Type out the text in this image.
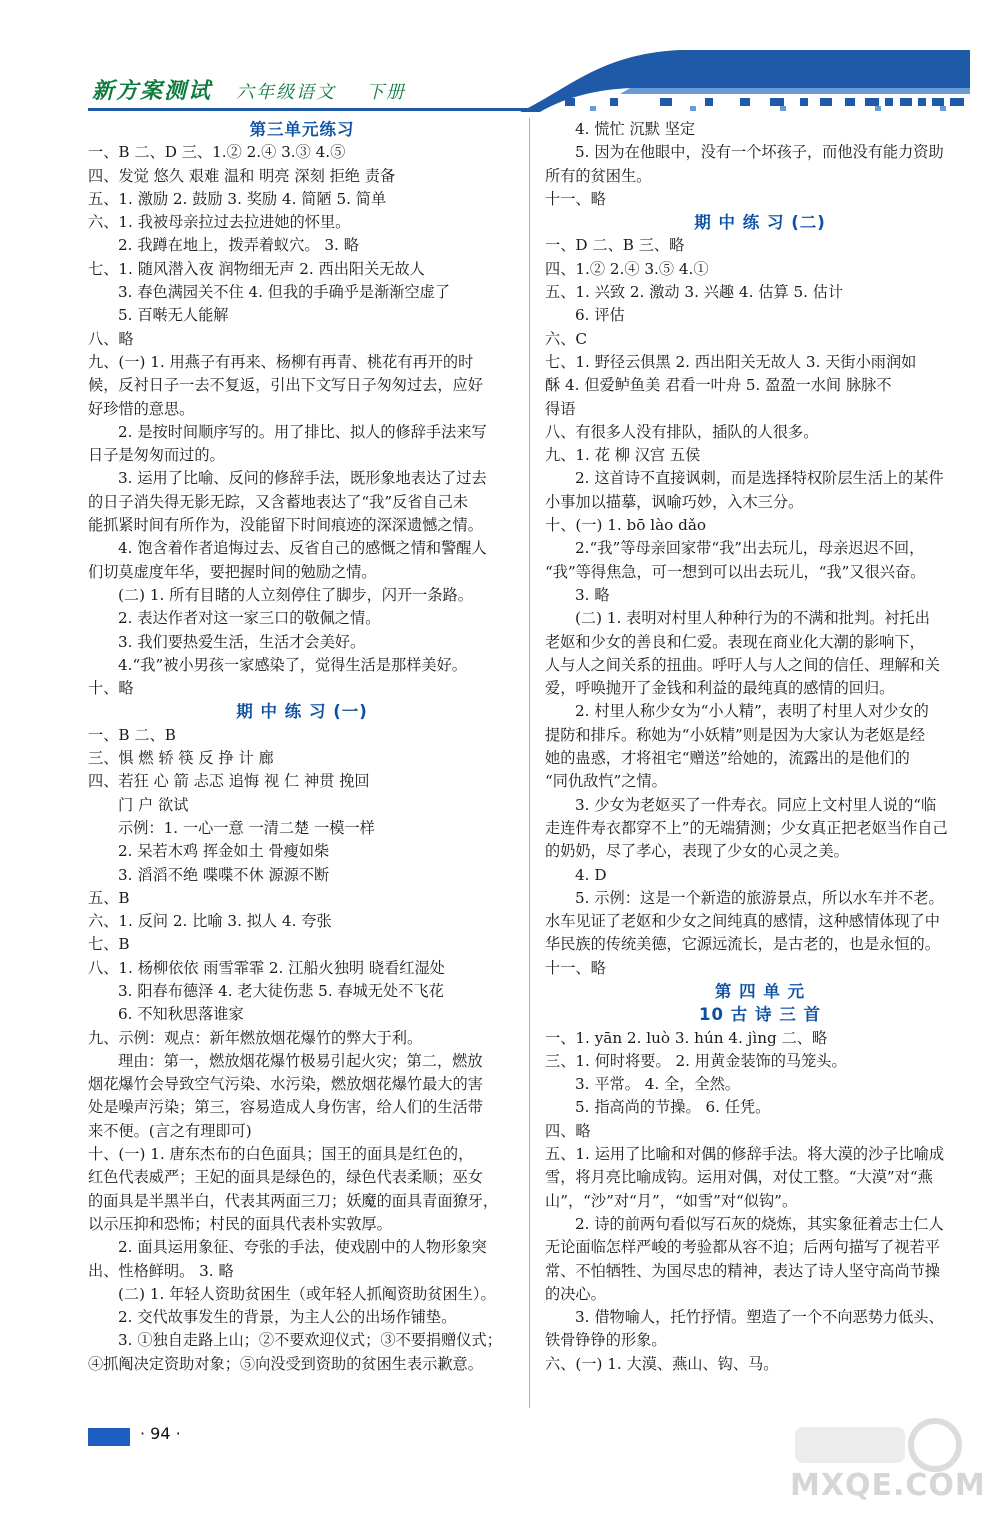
新方案测试 六年级语文 下册
第三单元练习
一、B 二、D 三、1.② 2.④ 3.③ 4.⑤
四、发觉 悠久 艰难 温和 明亮 深刻 拒绝 责备
五、1. 激励 2. 鼓励 3. 奖励 4. 简陋 5. 简单
六、1. 我被母亲拉过去拉进她的怀里。
2. 我蹲在地上，拨弄着蚁穴。 3. 略
七、1. 随风潜入夜 润物细无声 2. 西出阳关无故人
3. 春色满园关不住 4. 但我的手确乎是渐渐空虚了
5. 百啭无人能解
八、略
九、(一) 1. 用燕子有再来、杨柳有再青、桃花有再开的时
候，反衬日子一去不复返，引出下文写日子匆匆过去，应好
好珍惜的意思。
2. 是按时间顺序写的。用了排比、拟人的修辞手法来写
日子是匆匆而过的。
3. 运用了比喻、反问的修辞手法，既形象地表达了过去
的日子消失得无影无踪，又含蓄地表达了“我”反省自己未
能抓紧时间有所作为，没能留下时间痕迹的深深遗憾之情。
4. 饱含着作者追悔过去、反省自己的感慨之情和警醒人
们切莫虚度年华，要把握时间的勉励之情。
(二) 1. 所有目睹的人立刻停住了脚步，闪开一条路。
2. 表达作者对这一家三口的敬佩之情。
3. 我们要热爱生活，生活才会美好。
4.“我”被小男孩一家感染了，觉得生活是那样美好。
十、略
期 中 练 习 (一)
一、B 二、B
三、惧 燃 轿 筷 反 挣 计 廊
四、若狂 心 箭 忐忑 追悔 视 仁 神贯 挽回
门 户 欲试
示例：1. 一心一意 一清二楚 一模一样
2. 呆若木鸡 挥金如土 骨瘦如柴
3. 滔滔不绝 喋喋不休 源源不断
五、B
六、1. 反问 2. 比喻 3. 拟人 4. 夸张
七、B
八、1. 杨柳依依 雨雪霏霏 2. 江船火独明 晓看红湿处
3. 阳春布德泽 4. 老大徒伤悲 5. 春城无处不飞花
6. 不知秋思落谁家
九、示例：观点：新年燃放烟花爆竹的弊大于利。
理由：第一，燃放烟花爆竹极易引起火灾；第二，燃放
烟花爆竹会导致空气污染、水污染，燃放烟花爆竹最大的害
处是噪声污染；第三，容易造成人身伤害，给人们的生活带
来不便。(言之有理即可)
十、(一) 1. 唐东杰布的白色面具；国王的面具是红色的，
红色代表威严；王妃的面具是绿色的，绿色代表柔顺；巫女
的面具是半黑半白，代表其两面三刀；妖魔的面具青面獠牙，
以示压抑和恐怖；村民的面具代表朴实敦厚。
2. 面具运用象征、夸张的手法，使戏剧中的人物形象突
出、性格鲜明。 3. 略
(二) 1. 年轻人资助贫困生（或年轻人抓阄资助贫困生）。
2. 交代故事发生的背景，为主人公的出场作铺垫。
3. ①独自走路上山；②不要欢迎仪式；③不要捐赠仪式；
④抓阄决定资助对象；⑤向没受到资助的贫困生表示歉意。
4. 慌忙 沉默 坚定
5. 因为在他眼中，没有一个坏孩子，而他没有能力资助
所有的贫困生。
十一、略
期 中 练 习 (二)
一、D 二、B 三、略
四、1.② 2.④ 3.⑤ 4.①
五、1. 兴致 2. 激动 3. 兴趣 4. 估算 5. 估计
6. 评估
六、C
七、1. 野径云俱黑 2. 西出阳关无故人 3. 天街小雨润如
酥 4. 但爱鲈鱼美 君看一叶舟 5. 盈盈一水间 脉脉不
得语
八、有很多人没有排队，插队的人很多。
九、1. 花 柳 汉宫 五侯
2. 这首诗不直接讽刺，而是选择特权阶层生活上的某件
小事加以描摹，讽喻巧妙，入木三分。
十、(一) 1. bō lào dǎo
2.“我”等母亲回家带“我”出去玩儿，母亲迟迟不回，
“我”等得焦急，可一想到可以出去玩儿，“我”又很兴奋。
3. 略
(二) 1. 表明对村里人种种行为的不满和批判。衬托出
老妪和少女的善良和仁爱。表现在商业化大潮的影响下，
人与人之间关系的扭曲。呼吁人与人之间的信任、理解和关
爱，呼唤抛开了金钱和利益的最纯真的感情的回归。
2. 村里人称少女为“小人精”，表明了村里人对少女的
提防和排斥。称她为“小妖精”则是因为大家认为老妪是经
她的蛊惑，才将祖宅“赠送”给她的，流露出的是他们的
“同仇敌忾”之情。
3. 少女为老妪买了一件寿衣。同应上文村里人说的“临
走连件寿衣都穿不上”的无端猜测；少女真正把老妪当作自己
的奶奶，尽了孝心，表现了少女的心灵之美。
4. D
5. 示例：这是一个新造的旅游景点，所以水车并不老。
水车见证了老妪和少女之间纯真的感情，这种感情体现了中
华民族的传统美德，它源远流长，是古老的，也是永恒的。
十一、略
第 四 单 元
10 古 诗 三 首
一、1. yān 2. luò 3. hún 4. jìng 二、略
三、1. 何时将要。 2. 用黄金装饰的马笼头。
3. 平常。 4. 全，全然。
5. 指高尚的节操。 6. 任凭。
四、略
五、1. 运用了比喻和对偶的修辞手法。将大漠的沙子比喻成
雪，将月亮比喻成钩。运用对偶，对仗工整。“大漠”对“燕
山”，“沙”对“月”，“如雪”对“似钩”。
2. 诗的前两句看似写石灰的烧炼，其实象征着志士仁人
无论面临怎样严峻的考验都从容不迫；后两句描写了视若平
常、不怕牺牲、为国尽忠的精神，表达了诗人坚守高尚节操
的决心。
3. 借物喻人，托竹抒情。塑造了一个不向恶势力低头、
铁骨铮铮的形象。
六、(一) 1. 大漠、燕山、钩、马。
· 94 ·
MXQE.COM
